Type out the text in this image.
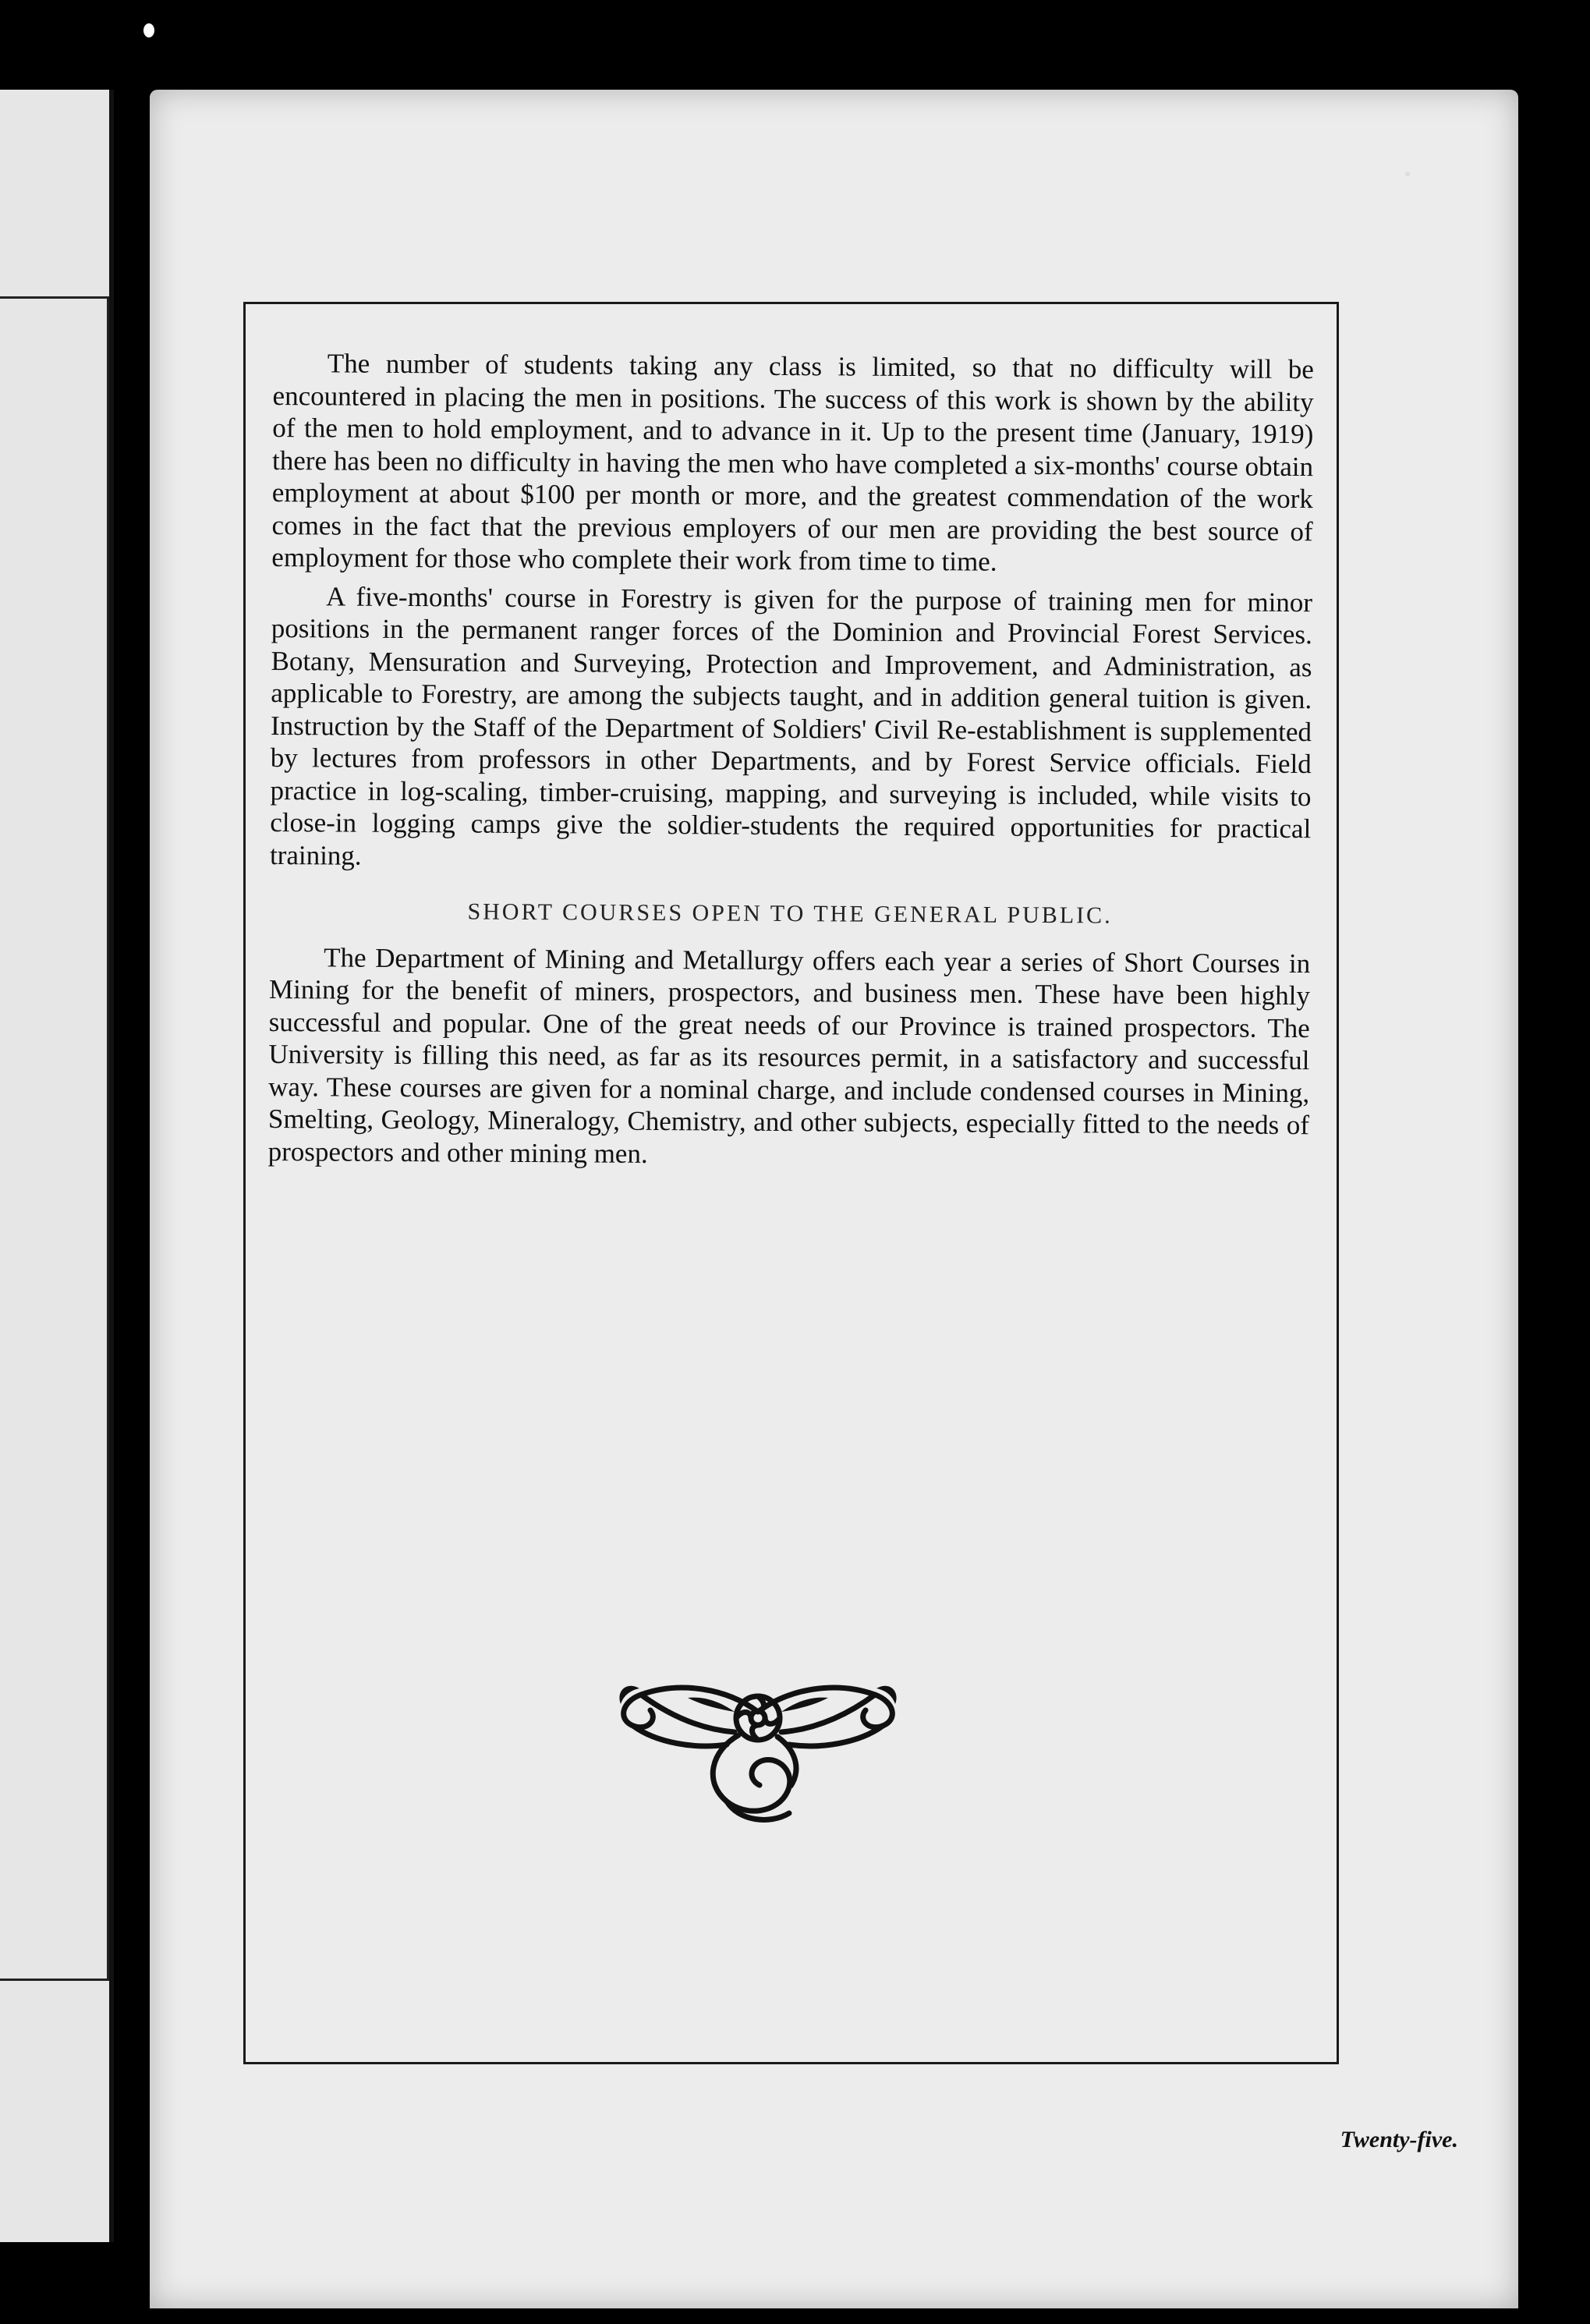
The number of students taking any class is limited, so that no difficulty will be encountered in placing the men in positions. The success of this work is shown by the ability of the men to hold employment, and to advance in it. Up to the present time (January, 1919) there has been no difficulty in having the men who have completed a six-months' course obtain employment at about $100 per month or more, and the greatest commendation of the work comes in the fact that the previous employers of our men are providing the best source of employment for those who complete their work from time to time.

A five-months' course in Forestry is given for the purpose of training men for minor positions in the permanent ranger forces of the Dominion and Provincial Forest Services. Botany, Mensuration and Surveying, Protection and Improvement, and Administration, as applicable to Forestry, are among the subjects taught, and in addition general tuition is given. Instruction by the Staff of the Department of Soldiers' Civil Re-establishment is supplemented by lectures from professors in other Departments, and by Forest Service officials. Field practice in log-scaling, timber-cruising, mapping, and surveying is included, while visits to close-in logging camps give the soldier-students the required opportunities for practical training.

SHORT COURSES OPEN TO THE GENERAL PUBLIC.

The Department of Mining and Metallurgy offers each year a series of Short Courses in Mining for the benefit of miners, prospectors, and business men. These have been highly successful and popular. One of the great needs of our Province is trained prospectors. The University is filling this need, as far as its resources permit, in a satisfactory and successful way. These courses are given for a nominal charge, and include condensed courses in Mining, Smelting, Geology, Mineralogy, Chemistry, and other subjects, especially fitted to the needs of prospectors and other mining men.

Twenty-five.
